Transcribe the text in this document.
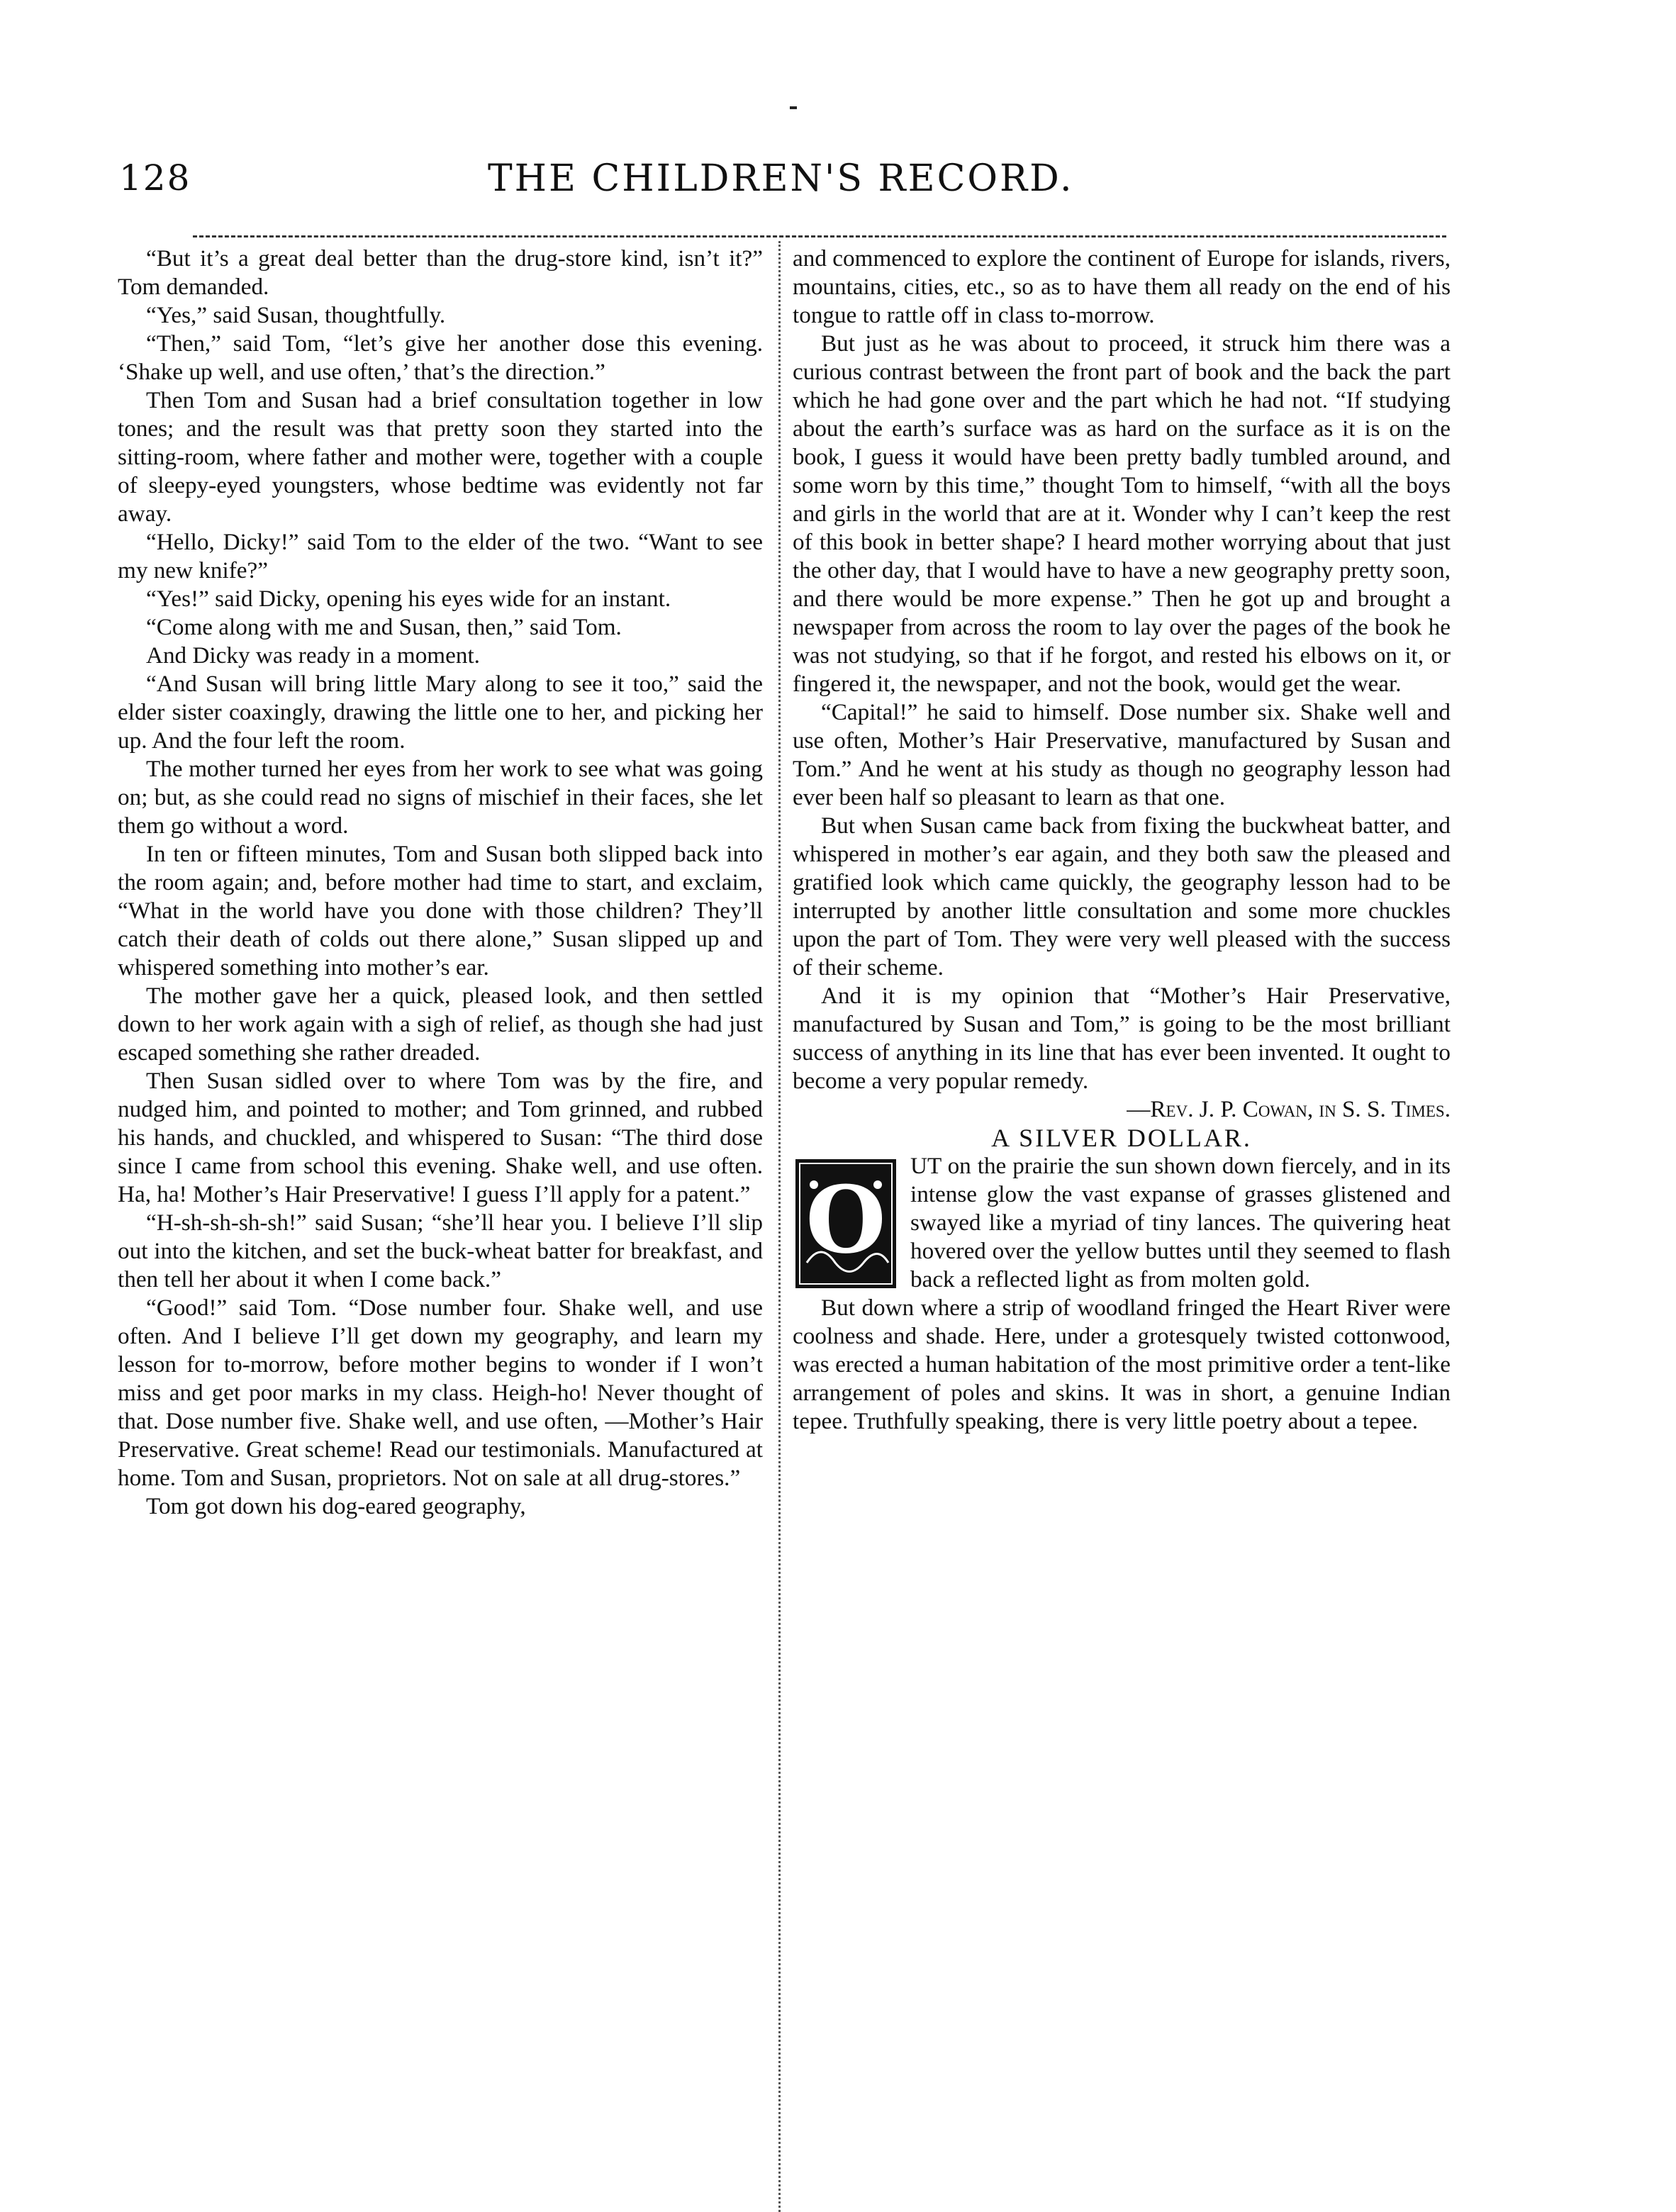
128	THE CHILDREN'S RECORD.

“But it’s a great deal better than the drug-store kind, isn’t it?” Tom demanded.

“Yes,” said Susan, thoughtfully.

“Then,” said Tom, “let’s give her another dose this evening. ‘Shake up well, and use often,’ that’s the direction.”

Then Tom and Susan had a brief consultation together in low tones; and the result was that pretty soon they started into the sitting-room, where father and mother were, together with a couple of sleepy-eyed youngsters, whose bedtime was evidently not far away.

“Hello, Dicky!” said Tom to the elder of the two. “Want to see my new knife?”

“Yes!” said Dicky, opening his eyes wide for an instant.

“Come along with me and Susan, then,” said Tom.

And Dicky was ready in a moment.

“And Susan will bring little Mary along to see it too,” said the elder sister coaxingly, drawing the little one to her, and picking her up. And the four left the room.

The mother turned her eyes from her work to see what was going on; but, as she could read no signs of mischief in their faces, she let them go without a word.

In ten or fifteen minutes, Tom and Susan both slipped back into the room again; and, before mother had time to start, and exclaim, “What in the world have you done with those children? They’ll catch their death of colds out there alone,” Susan slipped up and whispered something into mother’s ear.

The mother gave her a quick, pleased look, and then settled down to her work again with a sigh of relief, as though she had just escaped something she rather dreaded.

Then Susan sidled over to where Tom was by the fire, and nudged him, and pointed to mother; and Tom grinned, and rubbed his hands, and chuckled, and whispered to Susan: “The third dose since I came from school this evening. Shake well, and use often. Ha, ha! Mother’s Hair Preservative! I guess I’ll apply for a patent.”

“H-sh-sh-sh-sh!” said Susan; “she’ll hear you. I believe I’ll slip out into the kitchen, and set the buck-wheat batter for breakfast, and then tell her about it when I come back.”

“Good!” said Tom. “Dose number four. Shake well, and use often. And I believe I’ll get down my geography, and learn my lesson for to-morrow, before mother begins to wonder if I won’t miss and get poor marks in my class. Heigh-ho! Never thought of that. Dose number five. Shake well, and use often, —Mother’s Hair Preservative. Great scheme! Read our testimonials. Manufactured at home. Tom and Susan, proprietors. Not on sale at all drug-stores.”

Tom got down his dog-eared geography,

and commenced to explore the continent of Europe for islands, rivers, mountains, cities, etc., so as to have them all ready on the end of his tongue to rattle off in class to-morrow.

But just as he was about to proceed, it struck him there was a curious contrast between the front part of book and the back the part which he had gone over and the part which he had not. “If studying about the earth’s surface was as hard on the surface as it is on the book, I guess it would have been pretty badly tumbled around, and some worn by this time,” thought Tom to himself, “with all the boys and girls in the world that are at it. Wonder why I can’t keep the rest of this book in better shape? I heard mother worrying about that just the other day, that I would have to have a new geography pretty soon, and there would be more expense.” Then he got up and brought a newspaper from across the room to lay over the pages of the book he was not studying, so that if he forgot, and rested his elbows on it, or fingered it, the newspaper, and not the book, would get the wear.

“Capital!” he said to himself. Dose number six. Shake well and use often, Mother’s Hair Preservative, manufactured by Susan and Tom.” And he went at his study as though no geography lesson had ever been half so pleasant to learn as that one.

But when Susan came back from fixing the buckwheat batter, and whispered in mother’s ear again, and they both saw the pleased and gratified look which came quickly, the geography lesson had to be interrupted by another little consultation and some more chuckles upon the part of Tom. They were very well pleased with the success of their scheme.

And it is my opinion that “Mother’s Hair Preservative, manufactured by Susan and Tom,” is going to be the most brilliant success of anything in its line that has ever been invented. It ought to become a very popular remedy.

—Rev. J. P. Cowan, in S. S. Times.

A SILVER DOLLAR.

O	UT on the prairie the sun shown down fiercely, and in its intense glow the vast expanse of grasses glistened and swayed like a myriad of tiny lances. The quivering heat hovered over the yellow buttes until they seemed to flash back a reflected light as from molten gold.

But down where a strip of woodland fringed the Heart River were coolness and shade. Here, under a grotesquely twisted cottonwood, was erected a human habitation of the most primitive order a tent-like arrangement of poles and skins. It was in short, a genuine Indian tepee. Truthfully speaking, there is very little poetry about a tepee.
